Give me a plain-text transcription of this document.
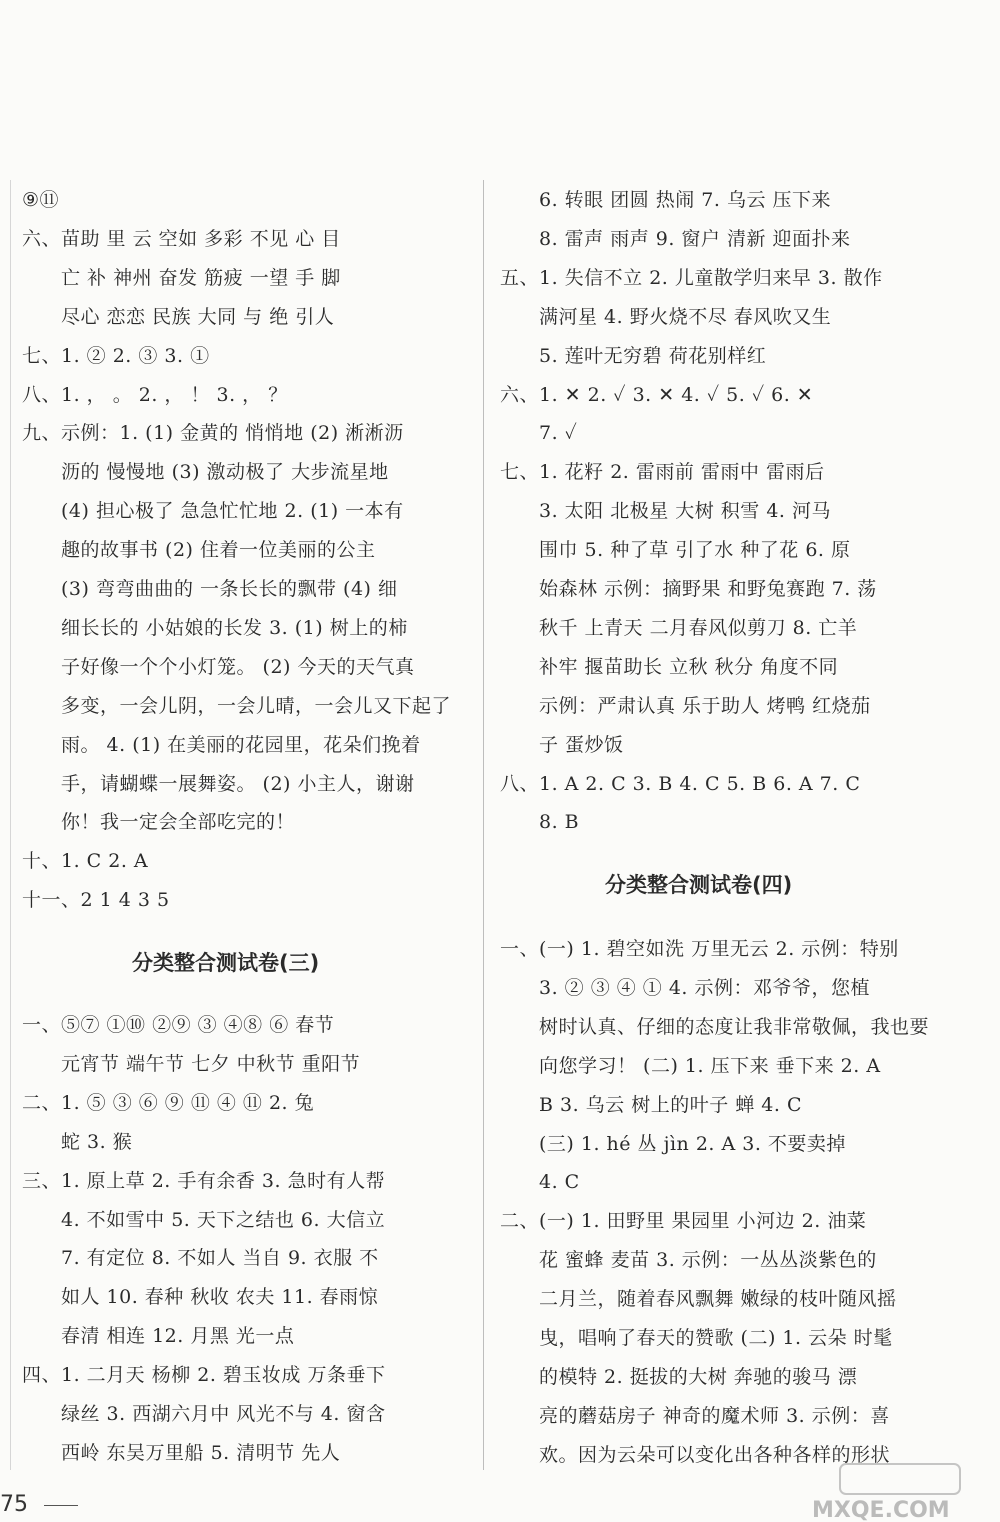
⑨⑪
六、苗助 里 云 空如 多彩 不见 心 目
　　亡 补 神州 奋发 筋疲 一望 手 脚
　　尽心 恋恋 民族 大同 与 绝 引人
七、1. ② 2. ③ 3. ①
八、1. ， 。 2. ， ！ 3. ， ？
九、示例：1. (1) 金黄的 悄悄地 (2) 淅淅沥
　　沥的 慢慢地 (3) 激动极了 大步流星地
　　(4) 担心极了 急急忙忙地 2. (1) 一本有
　　趣的故事书 (2) 住着一位美丽的公主
　　(3) 弯弯曲曲的 一条长长的飘带 (4) 细
　　细长长的 小姑娘的长发 3. (1) 树上的柿
　　子好像一个个小灯笼。 (2) 今天的天气真
　　多变，一会儿阴，一会儿晴，一会儿又下起了
　　雨。 4. (1) 在美丽的花园里，花朵们挽着
　　手，请蝴蝶一展舞姿。 (2) 小主人，谢谢
　　你！我一定会全部吃完的！
十、1. C 2. A
十一、2 1 4 3 5
分类整合测试卷(三)
一、⑤⑦ ①⑩ ②⑨ ③ ④⑧ ⑥ 春节
　　元宵节 端午节 七夕 中秋节 重阳节
二、1. ⑤ ③ ⑥ ⑨ ⑪ ④ ⑪ 2. 兔
　　蛇 3. 猴
三、1. 原上草 2. 手有余香 3. 急时有人帮
　　4. 不如雪中 5. 天下之结也 6. 大信立
　　7. 有定位 8. 不如人 当自 9. 衣服 不
　　如人 10. 春种 秋收 农夫 11. 春雨惊
　　春清 相连 12. 月黑 光一点
四、1. 二月天 杨柳 2. 碧玉妆成 万条垂下
　　绿丝 3. 西湖六月中 风光不与 4. 窗含
　　西岭 东吴万里船 5. 清明节 先人
　　6. 转眼 团圆 热闹 7. 乌云 压下来
　　8. 雷声 雨声 9. 窗户 清新 迎面扑来
五、1. 失信不立 2. 儿童散学归来早 3. 散作
　　满河星 4. 野火烧不尽 春风吹又生
　　5. 莲叶无穷碧 荷花别样红
六、1. ✕ 2. ✓ 3. ✕ 4. ✓ 5. ✓ 6. ✕
　　7. ✓
七、1. 花籽 2. 雷雨前 雷雨中 雷雨后
　　3. 太阳 北极星 大树 积雪 4. 河马
　　围巾 5. 种了草 引了水 种了花 6. 原
　　始森林 示例：摘野果 和野兔赛跑 7. 荡
　　秋千 上青天 二月春风似剪刀 8. 亡羊
　　补牢 揠苗助长 立秋 秋分 角度不同
　　示例：严肃认真 乐于助人 烤鸭 红烧茄
　　子 蛋炒饭
八、1. A 2. C 3. B 4. C 5. B 6. A 7. C
　　8. B
分类整合测试卷(四)
一、(一) 1. 碧空如洗 万里无云 2. 示例：特别
　　3. ② ③ ④ ① 4. 示例：邓爷爷，您植
　　树时认真、仔细的态度让我非常敬佩，我也要
　　向您学习！ (二) 1. 压下来 垂下来 2. A
　　B 3. 乌云 树上的叶子 蝉 4. C
　　(三) 1. hé 丛 jìn 2. A 3. 不要卖掉
　　4. C
二、(一) 1. 田野里 果园里 小河边 2. 油菜
　　花 蜜蜂 麦苗 3. 示例：一丛丛淡紫色的
　　二月兰，随着春风飘舞 嫩绿的枝叶随风摇
　　曳，唱响了春天的赞歌 (二) 1. 云朵 时髦
　　的模特 2. 挺拔的大树 奔驰的骏马 漂
　　亮的蘑菇房子 神奇的魔术师 3. 示例：喜
　　欢。因为云朵可以变化出各种各样的形状
75	MXQE.COM
